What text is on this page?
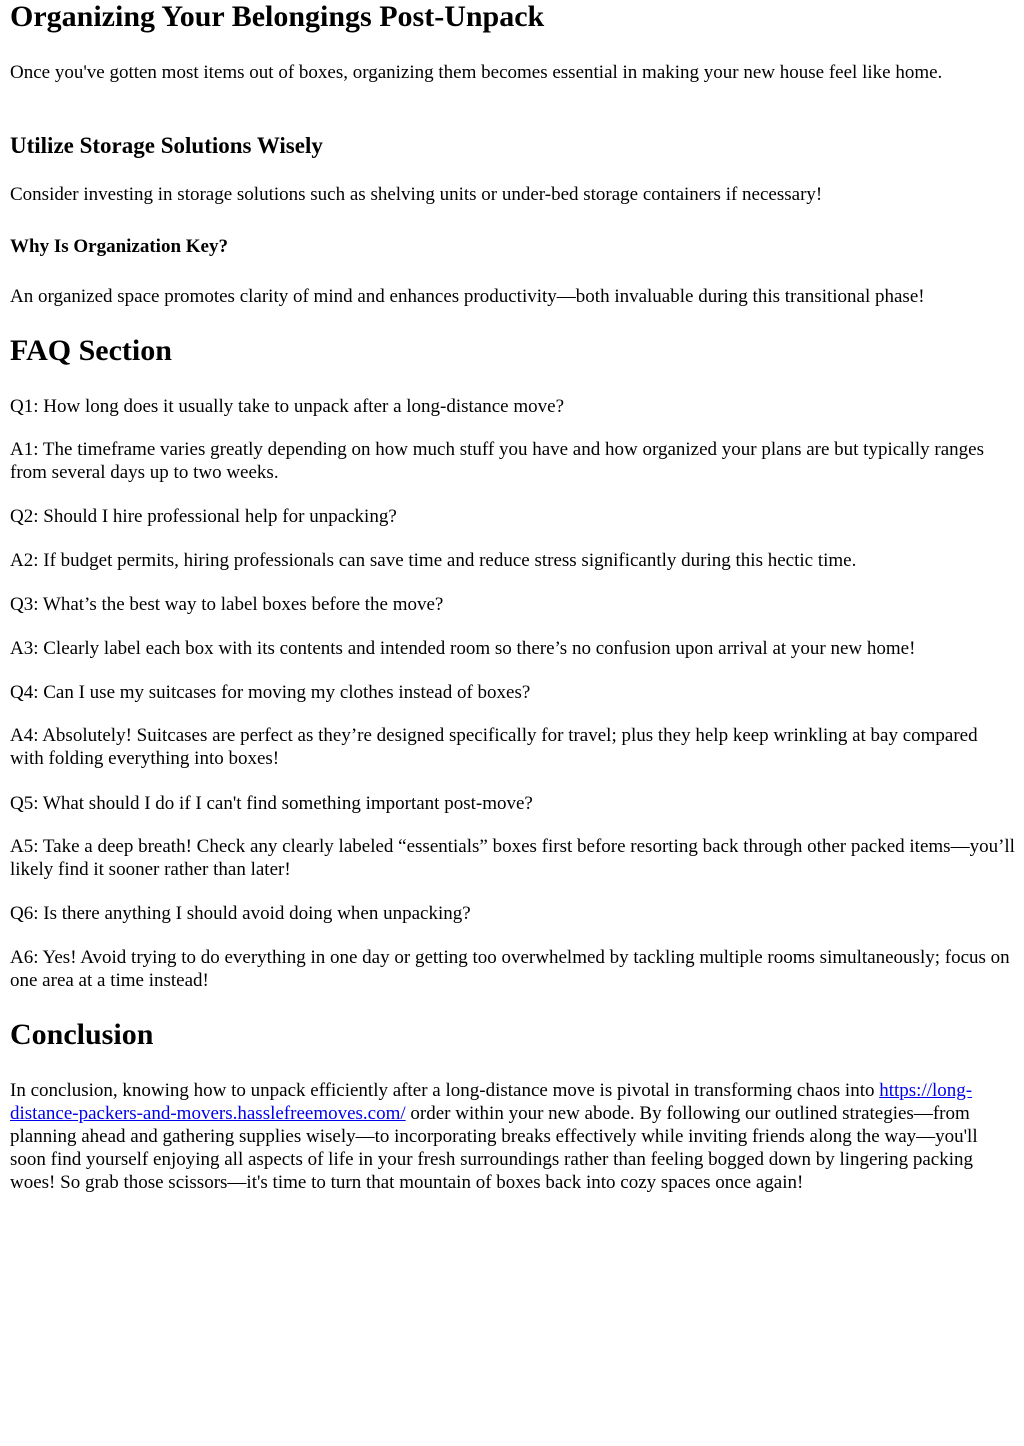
Organizing Your Belongings Post-Unpack

Once you've gotten most items out of boxes, organizing them becomes essential in making your new house feel like home.

Utilize Storage Solutions Wisely

Consider investing in storage solutions such as shelving units or under-bed storage containers if necessary!

Why Is Organization Key?

An organized space promotes clarity of mind and enhances productivity—both invaluable during this transitional phase!

FAQ Section

Q1: How long does it usually take to unpack after a long-distance move?

A1: The timeframe varies greatly depending on how much stuff you have and how organized your plans are but typically ranges from several days up to two weeks.

Q2: Should I hire professional help for unpacking?

A2: If budget permits, hiring professionals can save time and reduce stress significantly during this hectic time.

Q3: What’s the best way to label boxes before the move?

A3: Clearly label each box with its contents and intended room so there’s no confusion upon arrival at your new home!

Q4: Can I use my suitcases for moving my clothes instead of boxes?

A4: Absolutely! Suitcases are perfect as they’re designed specifically for travel; plus they help keep wrinkling at bay compared with folding everything into boxes!

Q5: What should I do if I can't find something important post-move?

A5: Take a deep breath! Check any clearly labeled “essentials” boxes first before resorting back through other packed items—you’ll likely find it sooner rather than later!

Q6: Is there anything I should avoid doing when unpacking?

A6: Yes! Avoid trying to do everything in one day or getting too overwhelmed by tackling multiple rooms simultaneously; focus on one area at a time instead!

Conclusion

In conclusion, knowing how to unpack efficiently after a long-distance move is pivotal in transforming chaos into https://long-distance-packers-and-movers.hasslefreemoves.com/ order within your new abode. By following our outlined strategies—from planning ahead and gathering supplies wisely—to incorporating breaks effectively while inviting friends along the way—you'll soon find yourself enjoying all aspects of life in your fresh surroundings rather than feeling bogged down by lingering packing woes! So grab those scissors—it's time to turn that mountain of boxes back into cozy spaces once again!
